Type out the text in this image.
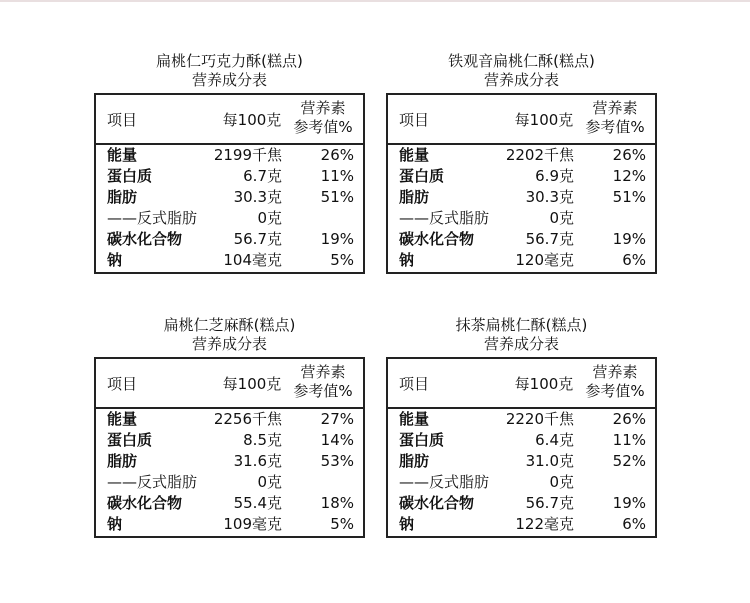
扁桃仁巧克力酥(糕点)
营养成分表
项目	每100克
营养素
参考值%
能量	2199千焦	26%
蛋白质	6.7克	11%
脂肪	30.3克	51%
——反式脂肪	0克
碳水化合物	56.7克	19%
钠	104毫克	5%
铁观音扁桃仁酥(糕点)
营养成分表
项目	每100克
营养素
参考值%
能量	2202千焦	26%
蛋白质	6.9克	12%
脂肪	30.3克	51%
——反式脂肪	0克
碳水化合物	56.7克	19%
钠	120毫克	6%
扁桃仁芝麻酥(糕点)
营养成分表
项目	每100克
营养素
参考值%
能量	2256千焦	27%
蛋白质	8.5克	14%
脂肪	31.6克	53%
——反式脂肪	0克
碳水化合物	55.4克	18%
钠	109毫克	5%
抹茶扁桃仁酥(糕点)
营养成分表
项目	每100克
营养素
参考值%
能量	2220千焦	26%
蛋白质	6.4克	11%
脂肪	31.0克	52%
——反式脂肪	0克
碳水化合物	56.7克	19%
钠	122毫克	6%
